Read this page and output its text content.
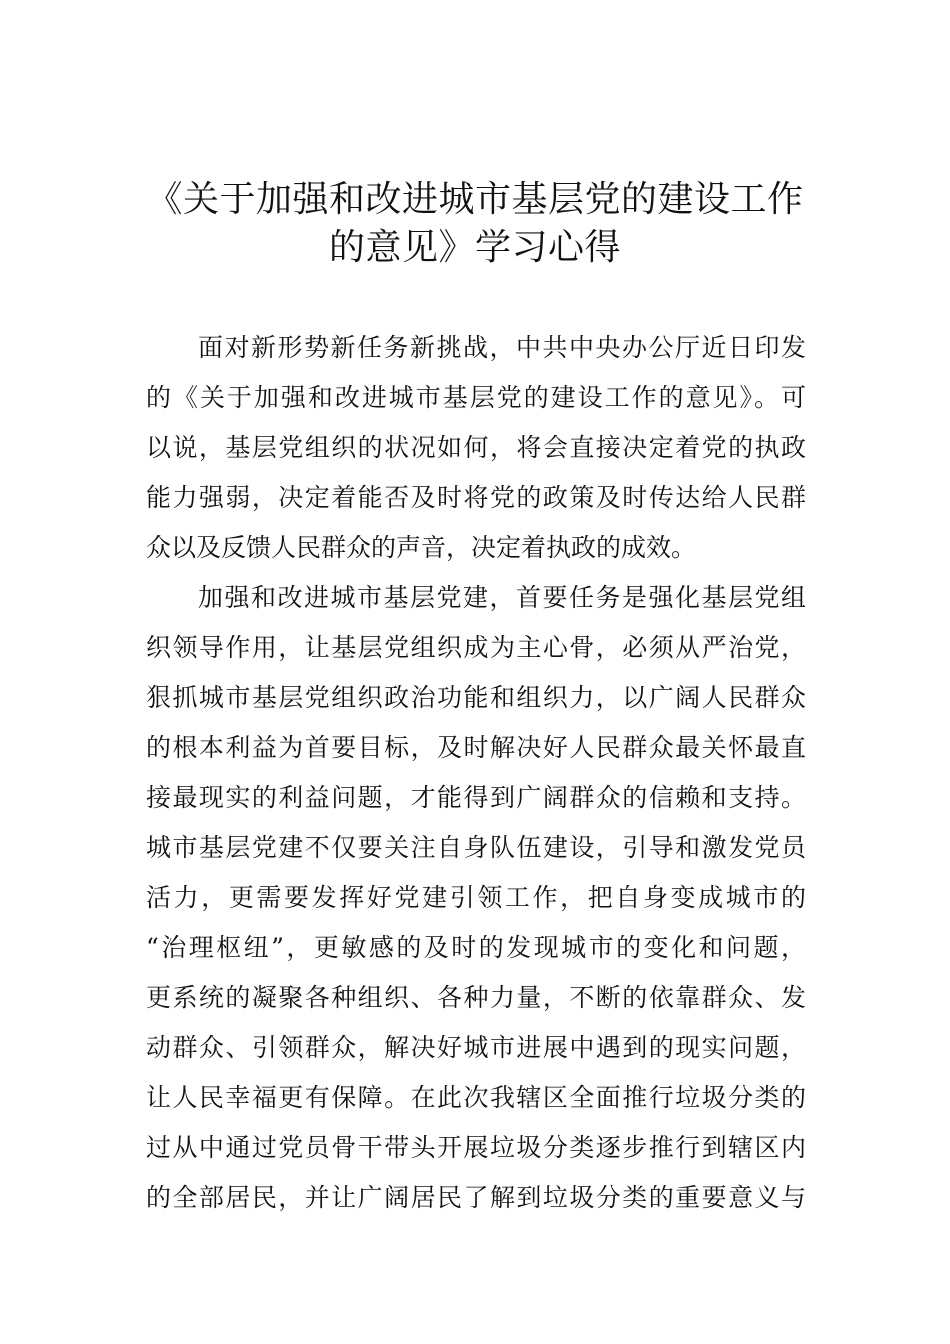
《关于加强和改进城市基层党的建设工作
的意见》学习心得
面对新形势新任务新挑战，中共中央办公厅近日印发
的《关于加强和改进城市基层党的建设工作的意见》。可
以说，基层党组织的状况如何，将会直接决定着党的执政
能力强弱，决定着能否及时将党的政策及时传达给人民群
众以及反馈人民群众的声音，决定着执政的成效。
加强和改进城市基层党建，首要任务是强化基层党组
织领导作用，让基层党组织成为主心骨，必须从严治党，
狠抓城市基层党组织政治功能和组织力，以广阔人民群众
的根本利益为首要目标，及时解决好人民群众最关怀最直
接最现实的利益问题，才能得到广阔群众的信赖和支持。
城市基层党建不仅要关注自身队伍建设，引导和激发党员
活力，更需要发挥好党建引领工作，把自身变成城市的
“治理枢纽”，更敏感的及时的发现城市的变化和问题，
更系统的凝聚各种组织、各种力量，不断的依靠群众、发
动群众、引领群众，解决好城市进展中遇到的现实问题，
让人民幸福更有保障。在此次我辖区全面推行垃圾分类的
过从中通过党员骨干带头开展垃圾分类逐步推行到辖区内
的全部居民，并让广阔居民了解到垃圾分类的重要意义与
